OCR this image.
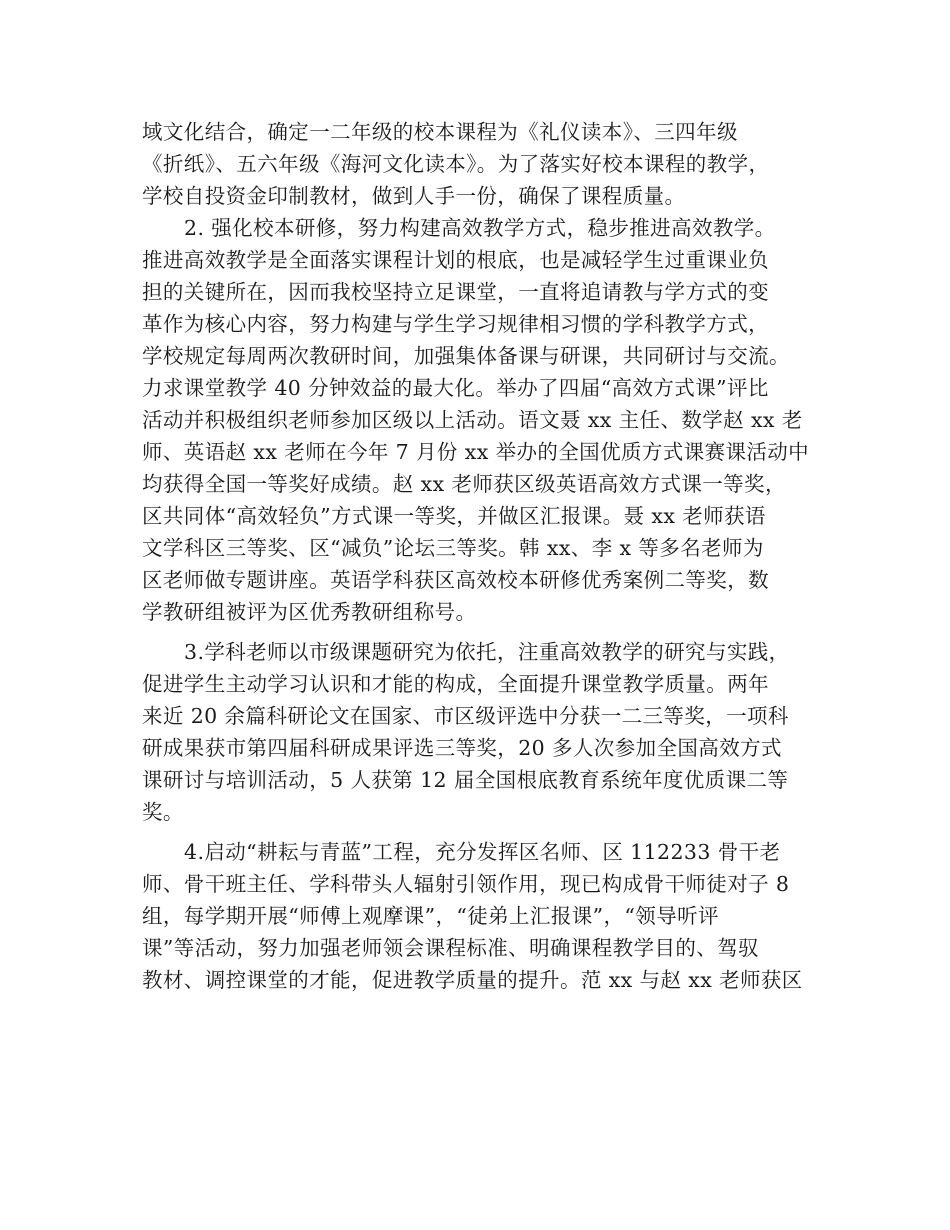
域文化结合，确定一二年级的校本课程为《礼仪读本》、三四年级
《折纸》、五六年级《海河文化读本》。为了落实好校本课程的教学，
学校自投资金印制教材，做到人手一份，确保了课程质量。
2. 强化校本研修，努力构建高效教学方式，稳步推进高效教学。
推进高效教学是全面落实课程计划的根底，也是减轻学生过重课业负
担的关键所在，因而我校坚持立足课堂，一直将追请教与学方式的变
革作为核心内容，努力构建与学生学习规律相习惯的学科教学方式，
学校规定每周两次教研时间，加强集体备课与研课，共同研讨与交流。
力求课堂教学 40 分钟效益的最大化。举办了四届“高效方式课”评比
活动并积极组织老师参加区级以上活动。语文聂 xx 主任、数学赵 xx 老
师、英语赵 xx 老师在今年 7 月份 xx 举办的全国优质方式课赛课活动中
均获得全国一等奖好成绩。赵 xx 老师获区级英语高效方式课一等奖，
区共同体“高效轻负”方式课一等奖，并做区汇报课。聂 xx 老师获语
文学科区三等奖、区“减负”论坛三等奖。韩 xx、李 x 等多名老师为
区老师做专题讲座。英语学科获区高效校本研修优秀案例二等奖，数
学教研组被评为区优秀教研组称号。
3.学科老师以市级课题研究为依托，注重高效教学的研究与实践，
促进学生主动学习认识和才能的构成，全面提升课堂教学质量。两年
来近 20 余篇科研论文在国家、市区级评选中分获一二三等奖，一项科
研成果获市第四届科研成果评选三等奖，20 多人次参加全国高效方式
课研讨与培训活动，5 人获第 12 届全国根底教育系统年度优质课二等
奖。
4.启动“耕耘与青蓝”工程，充分发挥区名师、区 112233 骨干老
师、骨干班主任、学科带头人辐射引领作用，现已构成骨干师徒对子 8
组，每学期开展“师傅上观摩课”，“徒弟上汇报课”，“领导听评
课”等活动，努力加强老师领会课程标准、明确课程教学目的、驾驭
教材、调控课堂的才能，促进教学质量的提升。范 xx 与赵 xx 老师获区
